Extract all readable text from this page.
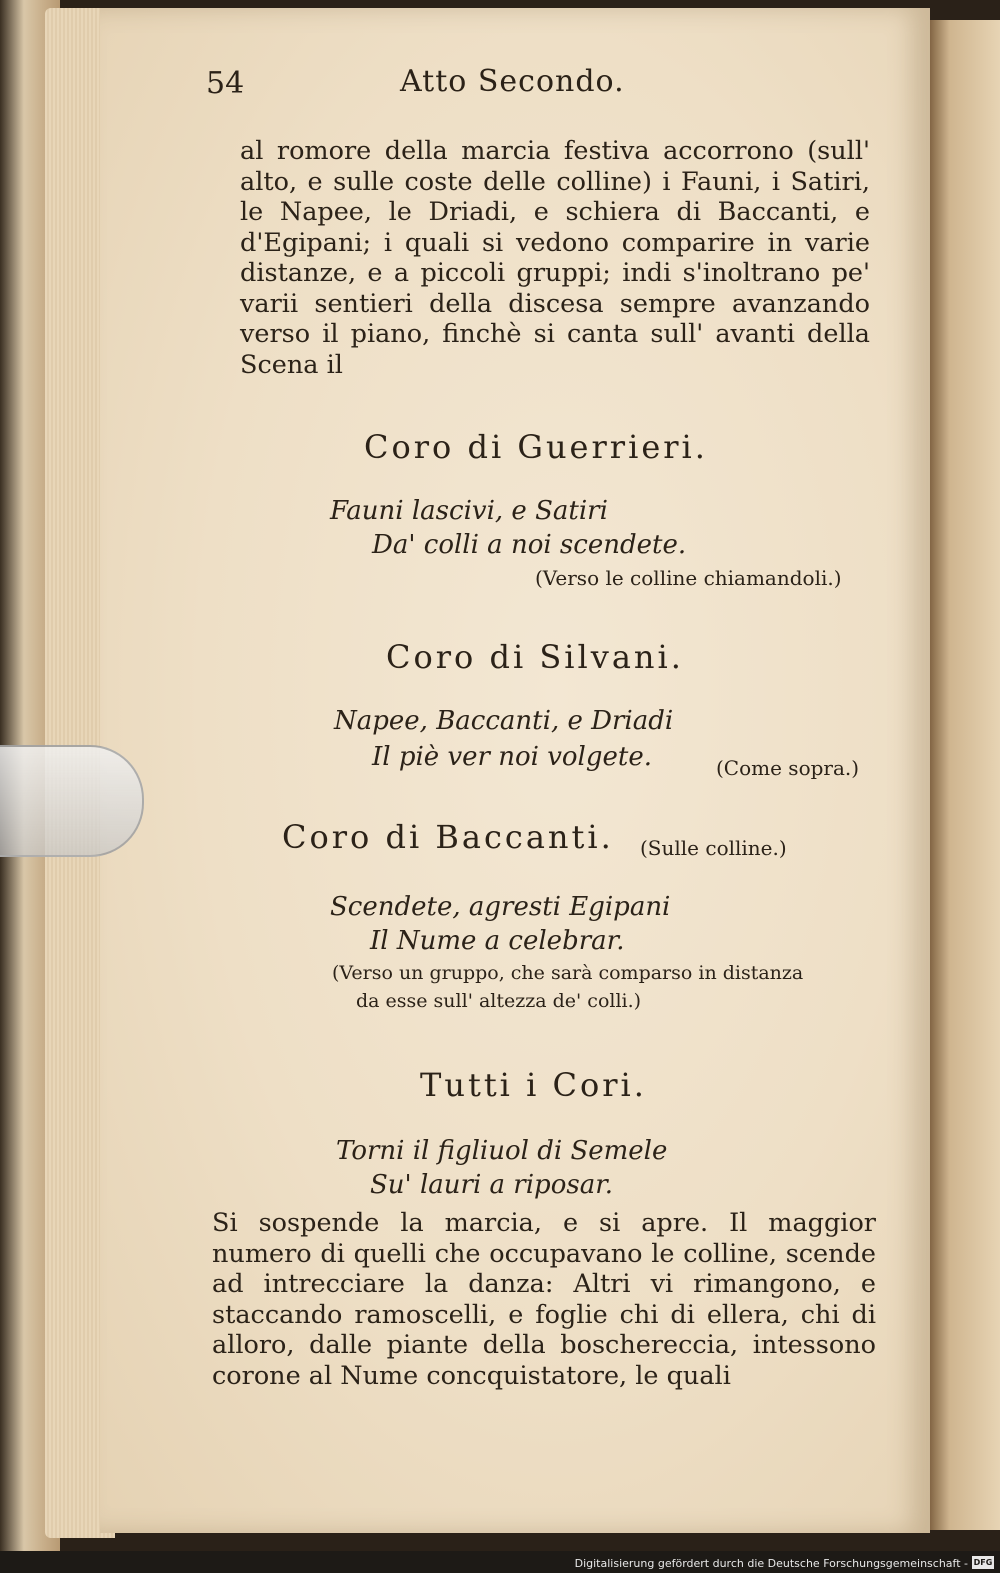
54	Atto Secondo.
al romore della marcia festiva accorrono (sull' alto, e sulle coste delle colline) i Fauni, i Satiri, le Napee, le Driadi, e schiera di Baccanti, e d'Egipani; i quali si vedono comparire in varie distanze, e a piccoli gruppi; indi s'inoltrano pe' varii sentieri della discesa sempre avanzando verso il piano, finchè si canta sull' avanti della Scena il
Coro di Guerrieri.
Fauni lascivi, e Satiri
Da' colli a noi scendete.
(Verso le colline chiamandoli.)
Coro di Silvani.
Napee, Baccanti, e Driadi
Il piè ver noi volgete.	(Come sopra.)
Coro di Baccanti. (Sulle colline.)
Scendete, agresti Egipani
Il Nume a celebrar.
(Verso un gruppo, che sarà comparso in distanza
da esse sull' altezza de' colli.)
Tutti i Cori.
Torni il figliuol di Semele
Su' lauri a riposar.
Si sospende la marcia, e si apre. Il maggior numero di quelli che occupavano le colline, scende ad intrecciare la danza: Altri vi rimangono, e staccando ramoscelli, e foglie chi di ellera, chi di alloro, dalle piante della boschereccia, intessono corone al Nume concquistatore, le quali
Digitalisierung gefördert durch die Deutsche Forschungsgemeinschaft - DFG
